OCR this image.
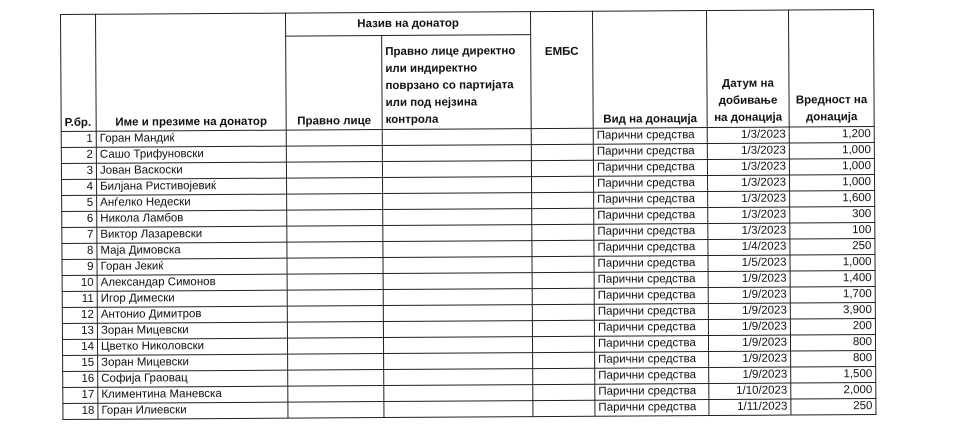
Р.бр.	Име и презиме на донатор	Назив на донатор		ЕМБС	Вид на донација	Датум на добивање на донација	Вредност на донација
		Правно лице	Правно лице директно или индиректно поврзано со партијата или под нејзина контрола				
1	Горан Мандиќ				Парични средства	1/3/2023	1,200
2	Сашо Трифуновски				Парични средства	1/3/2023	1,000
3	Јован Васкоски				Парични средства	1/3/2023	1,000
4	Билјана Ристивојевиќ				Парични средства	1/3/2023	1,000
5	Анѓелко Недески				Парични средства	1/3/2023	1,600
6	Никола Ламбов				Парични средства	1/3/2023	300
7	Виктор Лазаревски				Парични средства	1/3/2023	100
8	Маја Димовска				Парични средства	1/4/2023	250
9	Горан Јекиќ				Парични средства	1/5/2023	1,000
10	Александар Симонов				Парични средства	1/9/2023	1,400
11	Игор Димески				Парични средства	1/9/2023	1,700
12	Антонио Димитров				Парични средства	1/9/2023	3,900
13	Зоран Мицевски				Парични средства	1/9/2023	200
14	Цветко Николовски				Парични средства	1/9/2023	800
15	Зоран Мицевски				Парични средства	1/9/2023	800
16	Софија Граовац				Парични средства	1/9/2023	1,500
17	Климентина Маневска				Парични средства	1/10/2023	2,000
18	Горан Илиевски				Парични средства	1/11/2023	250
